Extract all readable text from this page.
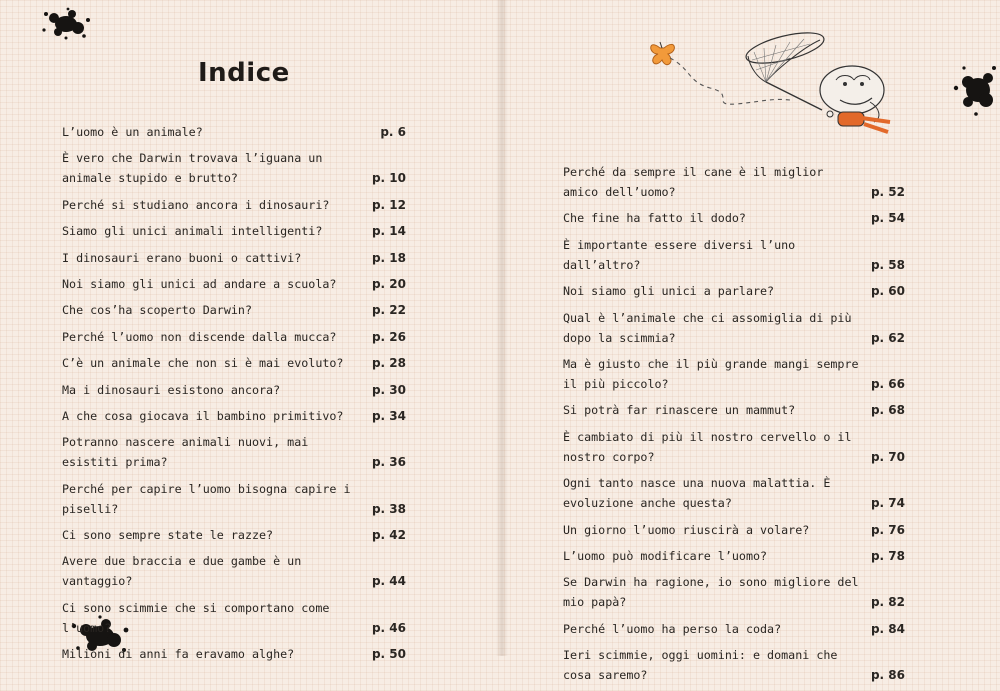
Indice
L’uomo è un animale?	p. 6
È vero che Darwin trovava l’iguana un animale stupido e brutto?	p. 10
Perché si studiano ancora i dinosauri?	p. 12
Siamo gli unici animali intelligenti?	p. 14
I dinosauri erano buoni o cattivi?	p. 18
Noi siamo gli unici ad andare a scuola?	p. 20
Che cos’ha scoperto Darwin?	p. 22
Perché l’uomo non discende dalla mucca?	p. 26
C’è un animale che non si è mai evoluto?	p. 28
Ma i dinosauri esistono ancora?	p. 30
A che cosa giocava il bambino primitivo?	p. 34
Potranno nascere animali nuovi, mai esistiti prima?	p. 36
Perché per capire l’uomo bisogna capire i piselli?	p. 38
Ci sono sempre state le razze?	p. 42
Avere due braccia e due gambe è un vantaggio?	p. 44
Ci sono scimmie che si comportano come l’uomo?	p. 46
Milioni di anni fa eravamo alghe?	p. 50
Perché da sempre il cane è il miglior amico dell’uomo?	p. 52
Che fine ha fatto il dodo?	p. 54
È importante essere diversi l’uno dall’altro?	p. 58
Noi siamo gli unici a parlare?	p. 60
Qual è l’animale che ci assomiglia di più dopo la scimmia?	p. 62
Ma è giusto che il più grande mangi sempre il più piccolo?	p. 66
Si potrà far rinascere un mammut?	p. 68
È cambiato di più il nostro cervello o il nostro corpo?	p. 70
Ogni tanto nasce una nuova malattia. È evoluzione anche questa?	p. 74
Un giorno l’uomo riuscirà a volare?	p. 76
L’uomo può modificare l’uomo?	p. 78
Se Darwin ha ragione, io sono migliore del mio papà?	p. 82
Perché l’uomo ha perso la coda?	p. 84
Ieri scimmie, oggi uomini: e domani che cosa saremo?	p. 86
